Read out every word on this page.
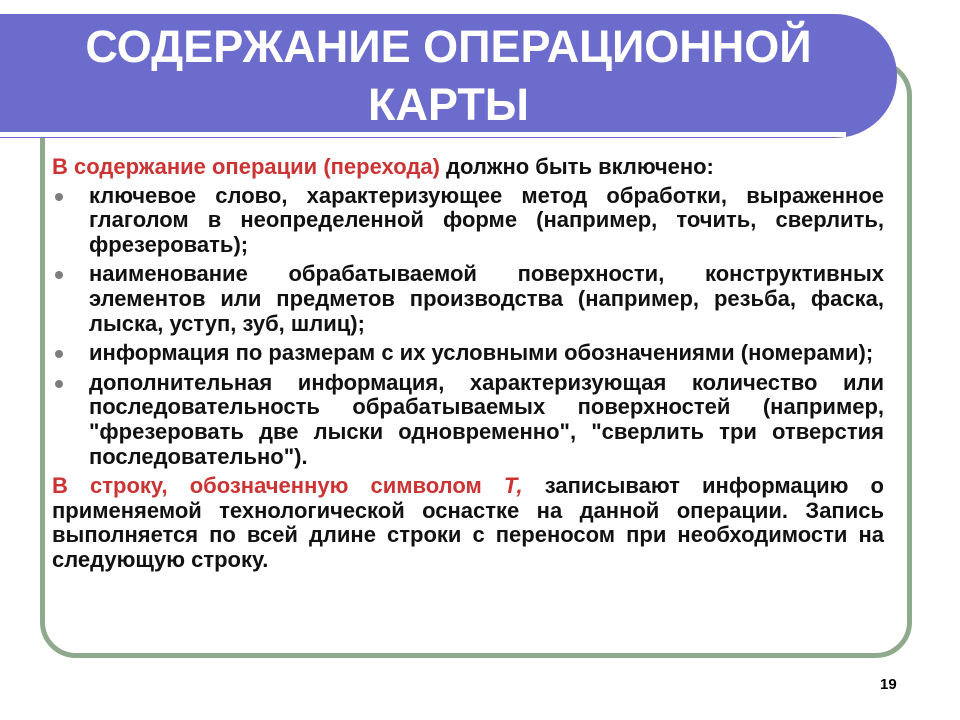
СОДЕРЖАНИЕ ОПЕРАЦИОННОЙ
КАРТЫ
В содержание операции (перехода) должно быть включено:
ключевое слово, характеризующее метод обработки, выраженное глаголом в неопределенной форме (например, точить, сверлить, фрезеровать);
наименование обрабатываемой поверхности, конструктивных элементов или предметов производства (например, резьба, фаска, лыска, уступ, зуб, шлиц);
информация по размерам с их условными обозначениями (номерами);
дополнительная информация, характеризующая количество или последовательность обрабатываемых поверхностей (например, "фрезеровать две лыски одновременно", "сверлить три отверстия последовательно").
В строку, обозначенную символом Т, записывают информацию о применяемой технологической оснастке на данной операции. Запись выполняется по всей длине строки с переносом при необходимости на следующую строку.
19
